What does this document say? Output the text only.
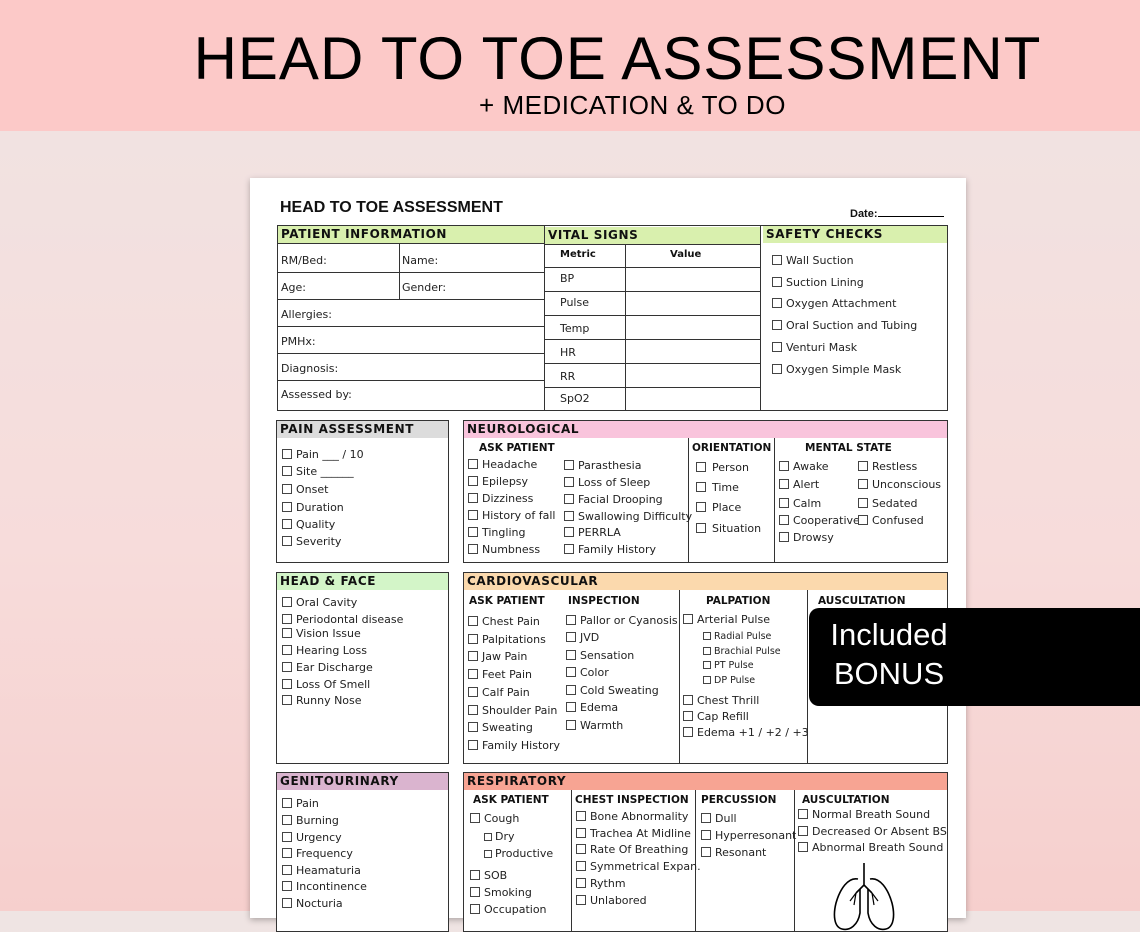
HEAD TO TOE ASSESSMENT
+ MEDICATION & TO DO
HEAD TO TOE ASSESSMENT	Date:
PATIENT INFORMATION
RM/Bed:	Name:
Age:	Gender:
Allergies:
PMHx:
Diagnosis:
Assessed by:
VITAL SIGNS
Metric	Value
BP
Pulse
Temp
HR
RR
SpO2
SAFETY CHECKS
Wall Suction
Suction Lining
Oxygen Attachment
Oral Suction and Tubing
Venturi Mask
Oxygen Simple Mask
PAIN ASSESSMENT
Pain ___ / 10
Site ______
Onset
Duration
Quality
Severity
NEUROLOGICAL
ASK PATIENT
Headache
Epilepsy
Dizziness
History of fall
Tingling
Numbness
Parasthesia
Loss of Sleep
Facial Drooping
Swallowing Difficulty
PERRLA
Family History
ORIENTATION
Person
Time
Place
Situation
MENTAL STATE
Awake
Alert
Calm
Cooperative
Drowsy
Restless
Unconscious
Sedated
Confused
HEAD & FACE
Oral Cavity
Periodontal disease
Vision Issue
Hearing Loss
Ear Discharge
Loss Of Smell
Runny Nose
CARDIOVASCULAR
ASK PATIENT
Chest Pain
Palpitations
Jaw Pain
Feet Pain
Calf Pain
Shoulder Pain
Sweating
Family History
INSPECTION
Pallor or Cyanosis
JVD
Sensation
Color
Cold Sweating
Edema
Warmth
PALPATION
Arterial Pulse
Radial Pulse
Brachial Pulse
PT Pulse
DP Pulse
Chest Thrill
Cap Refill
Edema +1 / +2 / +3
AUSCULTATION
GENITOURINARY
Pain
Burning
Urgency
Frequency
Heamaturia
Incontinence
Nocturia
RESPIRATORY
ASK PATIENT
Cough
Dry
Productive
SOB
Smoking
Occupation
CHEST INSPECTION
Bone Abnormality
Trachea At Midline
Rate Of Breathing
Symmetrical Expan.
Rythm
Unlabored
PERCUSSION
Dull
Hyperresonant
Resonant
AUSCULTATION
Normal Breath Sound
Decreased Or Absent BS
Abnormal Breath Sound
Included
BONUS
